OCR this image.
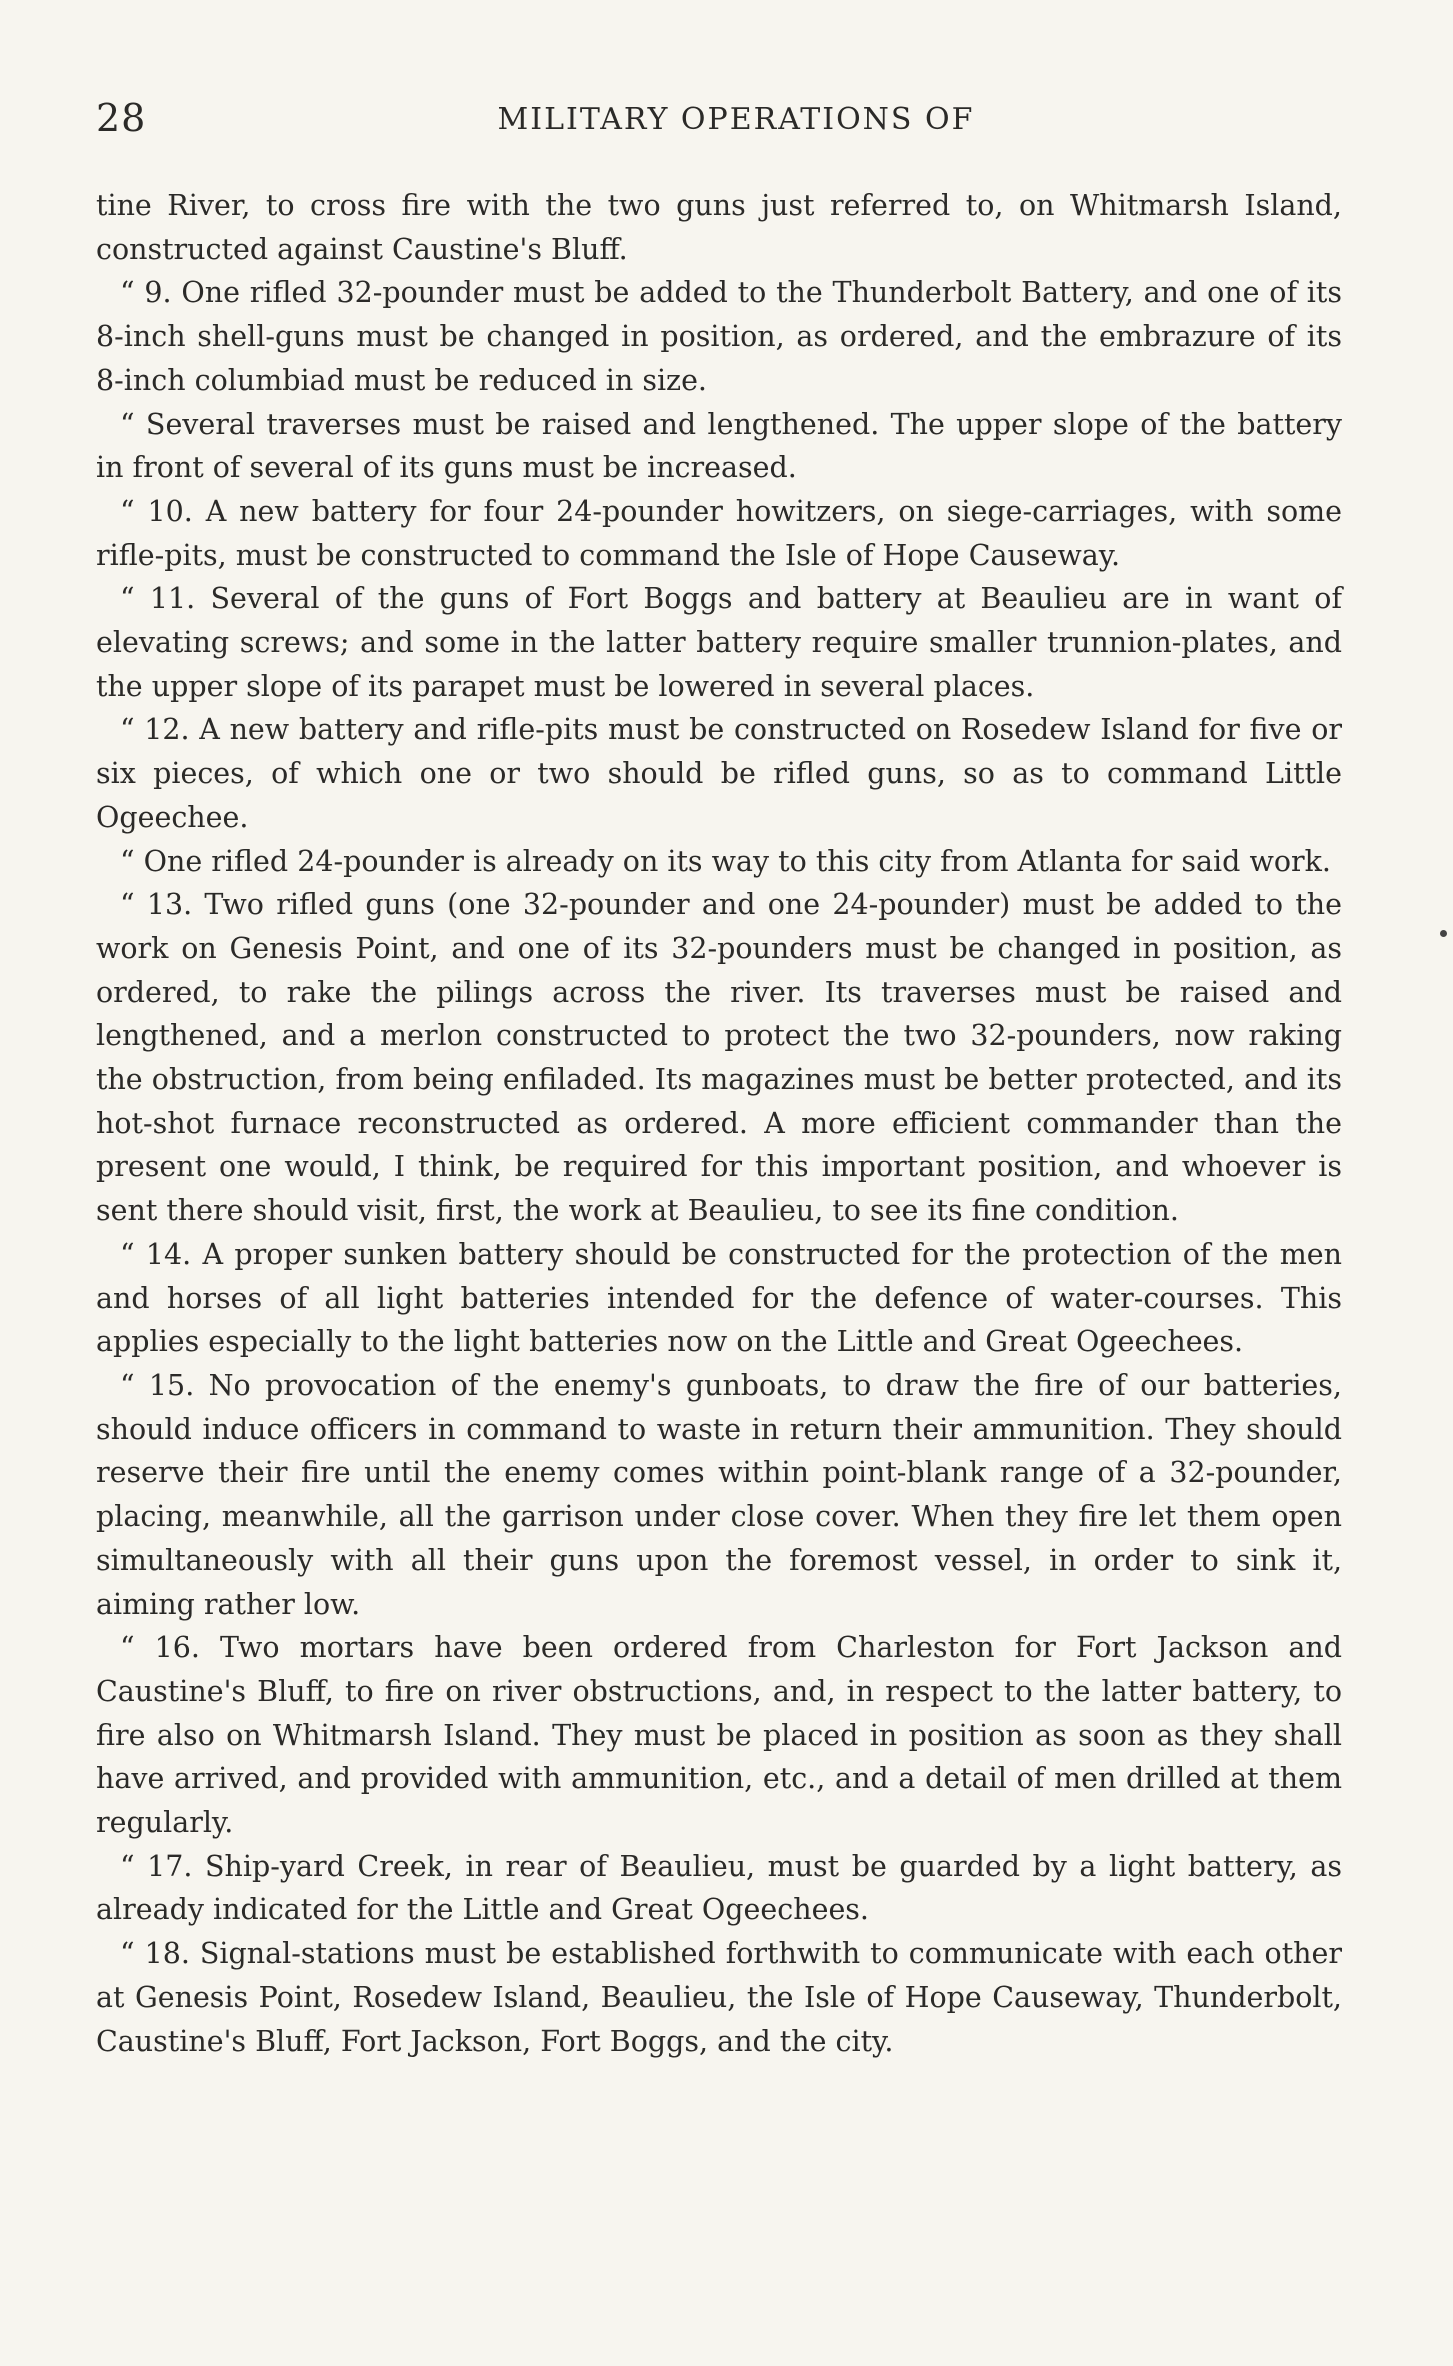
28	MILITARY OPERATIONS OF

tine River, to cross fire with the two guns just referred to, on Whitmarsh Island, constructed against Caustine's Bluff.

“ 9. One rifled 32-pounder must be added to the Thunderbolt Battery, and one of its 8-inch shell-guns must be changed in position, as ordered, and the embrazure of its 8-inch columbiad must be reduced in size.

“ Several traverses must be raised and lengthened. The upper slope of the battery in front of several of its guns must be increased.

“ 10. A new battery for four 24-pounder howitzers, on siege-carriages, with some rifle-pits, must be constructed to command the Isle of Hope Causeway.

“ 11. Several of the guns of Fort Boggs and battery at Beaulieu are in want of elevating screws; and some in the latter battery require smaller trunnion-plates, and the upper slope of its parapet must be lowered in several places.

“ 12. A new battery and rifle-pits must be constructed on Rosedew Island for five or six pieces, of which one or two should be rifled guns, so as to command Little Ogeechee.

“ One rifled 24-pounder is already on its way to this city from Atlanta for said work.

“ 13. Two rifled guns (one 32-pounder and one 24-pounder) must be added to the work on Genesis Point, and one of its 32-pounders must be changed in position, as ordered, to rake the pilings across the river. Its traverses must be raised and lengthened, and a merlon constructed to protect the two 32-pounders, now raking the obstruction, from being enfiladed. Its magazines must be better protected, and its hot-shot furnace reconstructed as ordered. A more efficient commander than the present one would, I think, be required for this important position, and whoever is sent there should visit, first, the work at Beaulieu, to see its fine condition.

“ 14. A proper sunken battery should be constructed for the protection of the men and horses of all light batteries intended for the defence of water-courses. This applies especially to the light batteries now on the Little and Great Ogeechees.

“ 15. No provocation of the enemy's gunboats, to draw the fire of our batteries, should induce officers in command to waste in return their ammunition. They should reserve their fire until the enemy comes within point-blank range of a 32-pounder, placing, meanwhile, all the garrison under close cover. When they fire let them open simultaneously with all their guns upon the foremost vessel, in order to sink it, aiming rather low.

“ 16. Two mortars have been ordered from Charleston for Fort Jackson and Caustine's Bluff, to fire on river obstructions, and, in respect to the latter battery, to fire also on Whitmarsh Island. They must be placed in position as soon as they shall have arrived, and provided with ammunition, etc., and a detail of men drilled at them regularly.

“ 17. Ship-yard Creek, in rear of Beaulieu, must be guarded by a light battery, as already indicated for the Little and Great Ogeechees.

“ 18. Signal-stations must be established forthwith to communicate with each other at Genesis Point, Rosedew Island, Beaulieu, the Isle of Hope Causeway, Thunderbolt, Caustine's Bluff, Fort Jackson, Fort Boggs, and the city.
